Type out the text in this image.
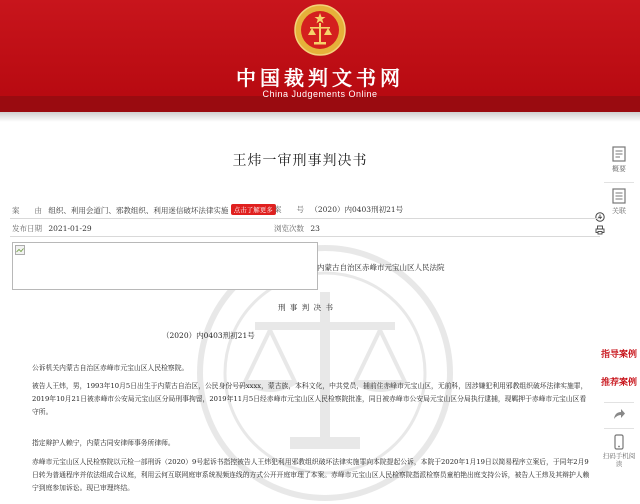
中国裁判文书网
China Judgements Online
王炜一审刑事判决书
案　　由 组织、利用会道门、邪教组织、利用迷信破坏法律实施 点击了解更多 案　　号 （2020）内0403刑初21号

发布日期 2021-01-29	浏览次数 23
内蒙古自治区赤峰市元宝山区人民法院
刑 事 判 决 书
（2020）内0403刑初21号
公诉机关内蒙古自治区赤峰市元宝山区人民检察院。
被告人王炜，男，1993年10月5日出生于内蒙古自治区，公民身份号码xxxx，蒙古族，本科文化，中共党员，捕前住赤峰市元宝山区，无前科，因涉嫌犯利用邪教组织破坏法律实施罪，2019年10月21日被赤峰市公安局元宝山区分局刑事拘留，2019年11月5日经赤峰市元宝山区人民检察院批准，同日被赤峰市公安局元宝山区分局执行逮捕，现羁押于赤峰市元宝山区看守所。
指定辩护人赖宁，内蒙古同安律师事务所律师。
赤峰市元宝山区人民检察院以元检一部刑诉（2020）9号起诉书指控被告人王炜犯利用邪教组织破坏法律实施罪向本院提起公诉，本院于2020年1月19日以简易程序立案后，于同年2月9日转为普通程序并依法组成合议庭，利用云何互联网庭审系统视频连线的方式公开开庭审理了本案。赤峰市元宝山区人民检察院指派检察员童柏艳出庭支持公诉，被告人王炜及其辩护人赖宁到庭参加诉讼。现已审理终结。
概要
关联
指导案例
推荐案例
扫码手机阅读
